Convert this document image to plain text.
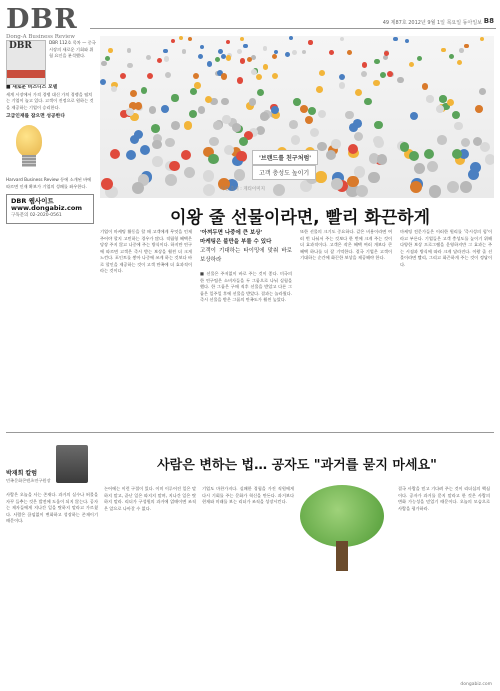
DBR
Dong-A Business Review
49 제87호 2012년 9월 1일 목요일 동아일보 B8
DBR	DBR 112호 목차 — 중국 시장의 새로운 기회와 위험 요인을 분석했다.
■ 새로운 비즈니스 모델
세계 시장에서 가격 경쟁 대신 가치 경쟁을 펼치는 기업이 늘고 있다. 고객이 진정으로 원하는 것을 제공하는 기업이 승리한다.
고급인재를 잡으면 성공한다
Harvard Business Review 등에 소개된 바에 따르면 인재 확보가 기업의 성패를 좌우한다.
DBR 웹사이트 www.dongabiz.com
구독문의 02-2020-0561
'브랜드를 친구처럼'
고객 충성도 높이기
사진 출처 : 게티이미지
이왕 줄 선물이라면, 빨리 화끈하게
기업이 마케팅 활동을 할 때 고객에게 무엇을 언제 주어야 할지 고민하는 경우가 많다. 적립형 혜택은 당장 주지 않고 나중에 주는 방식이다. 하지만 연구에 따르면 고객은 즉시 받는 보상을 훨씬 더 크게 느낀다. 포인트를 쌓아 나중에 쓰게 하는 것보다 바로 할인을 제공하는 것이 고객 만족에 더 효과적이라는 것이다.
'아껴두면 나중에 큰 보상'
마케팅은 불만을 부를 수 있다
고객이 기대하는 타이밍에 맞춰 바로 보상하라
■ 선물은 주저없이 바로 주는 것이 좋다. 미국의 한 연구팀은 소비자들을 두 그룹으로 나눠 실험을 했다. 한 그룹은 구매 직후 선물을 받았고 다른 그룹은 일주일 후에 선물을 받았다. 결과는 놀라웠다. 즉시 선물을 받은 그룹의 만족도가 훨씬 높았다.
또한 선물의 크기도 중요하다. 같은 비용이라면 여러 번 나눠서 주는 것보다 한 번에 크게 주는 것이 더 효과적이다. 고객은 작은 혜택 여러 개보다 큰 혜택 하나를 더 잘 기억한다. 결국 기업은 고객이 기대하는 순간에 화끈한 보상을 제공해야 한다.
마케팅 전문가들은 이러한 원리를 '즉시성의 힘'이라고 부른다. 기업들은 고객 충성도를 높이기 위해 다양한 보상 프로그램을 운영하지만 그 효과는 주는 시점과 방식에 따라 크게 달라진다. 이왕 줄 선물이라면 빨리, 그리고 화끈하게 주는 것이 정답이다.
박재희 칼럼
민족문화콘텐츠연구원장
사람은 변하는 법… 공자도 "과거를 묻지 마세요"
사람은 오늘을 사는 존재다. 과거의 실수나 허물을 자꾸 들추는 것은 발전에 도움이 되지 않는다. 공자는 제자들에게 지나간 일을 탓하지 말라고 가르쳤다. 사람은 끊임없이 변화하고 성장하는 존재이기 때문이다.
논어에는 이런 구절이 있다. 이미 이루어진 일은 말하지 말고, 끝난 일은 따지지 말며, 지나간 일은 탓하지 말라. 리더가 구성원의 과거에 얽매이면 조직은 앞으로 나아갈 수 없다.
기업도 마찬가지다. 실패한 경험을 가진 직원에게 다시 기회를 주는 문화가 혁신을 만든다. 과거보다 현재와 미래를 보는 리더가 조직을 성장시킨다.
결국 사람을 믿고 기다려 주는 것이 리더십의 핵심이다. 공자가 과거를 묻지 말라고 한 것은 사람의 변화 가능성을 믿었기 때문이다. 오늘의 모습으로 사람을 평가하라.
dongabiz.com
